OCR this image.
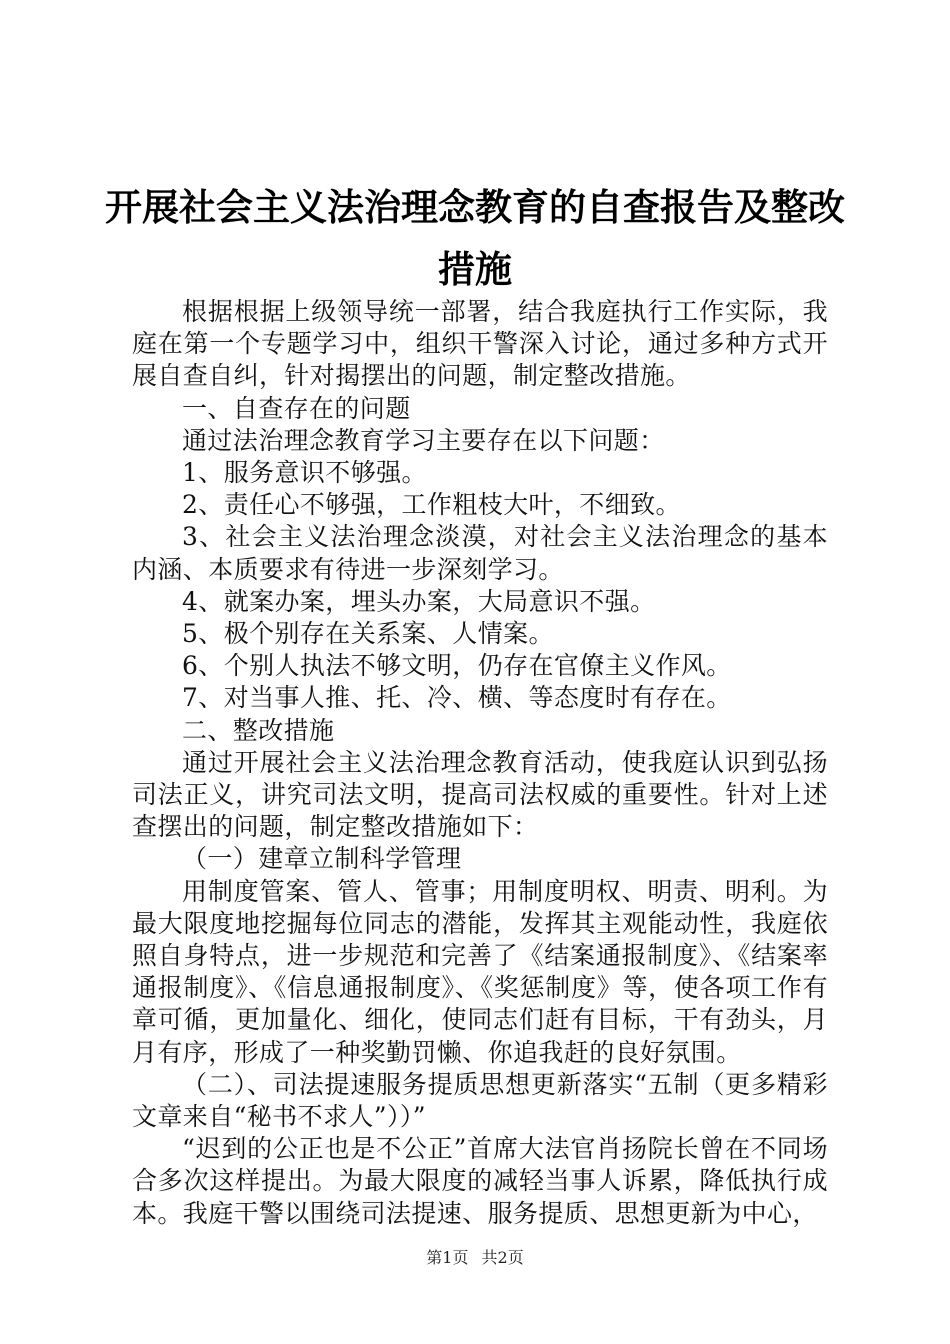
开展社会主义法治理念教育的自查报告及整改
措施

根据根据上级领导统一部署，结合我庭执行工作实际，我庭在第一个专题学习中，组织干警深入讨论，通过多种方式开展自查自纠，针对揭摆出的问题，制定整改措施。

一、自查存在的问题

通过法治理念教育学习主要存在以下问题：

1、服务意识不够强。

2、责任心不够强，工作粗枝大叶，不细致。

3、社会主义法治理念淡漠，对社会主义法治理念的基本内涵、本质要求有待进一步深刻学习。

4、就案办案，埋头办案，大局意识不强。

5、极个别存在关系案、人情案。

6、个别人执法不够文明，仍存在官僚主义作风。

7、对当事人推、托、冷、横、等态度时有存在。

二、整改措施

通过开展社会主义法治理念教育活动，使我庭认识到弘扬司法正义，讲究司法文明，提高司法权威的重要性。针对上述查摆出的问题，制定整改措施如下：

（一）建章立制科学管理

用制度管案、管人、管事；用制度明权、明责、明利。为最大限度地挖掘每位同志的潜能，发挥其主观能动性，我庭依照自身特点，进一步规范和完善了《结案通报制度》、《结案率通报制度》、《信息通报制度》、《奖惩制度》等，使各项工作有章可循，更加量化、细化，使同志们赶有目标，干有劲头，月月有序，形成了一种奖勤罚懒、你追我赶的良好氛围。

（二）、司法提速服务提质思想更新落实“五制（更多精彩文章来自“秘书不求人”））”

“迟到的公正也是不公正”首席大法官肖扬院长曾在不同场合多次这样提出。为最大限度的减轻当事人诉累，降低执行成本。我庭干警以围绕司法提速、服务提质、思想更新为中心，

第1页 共2页
